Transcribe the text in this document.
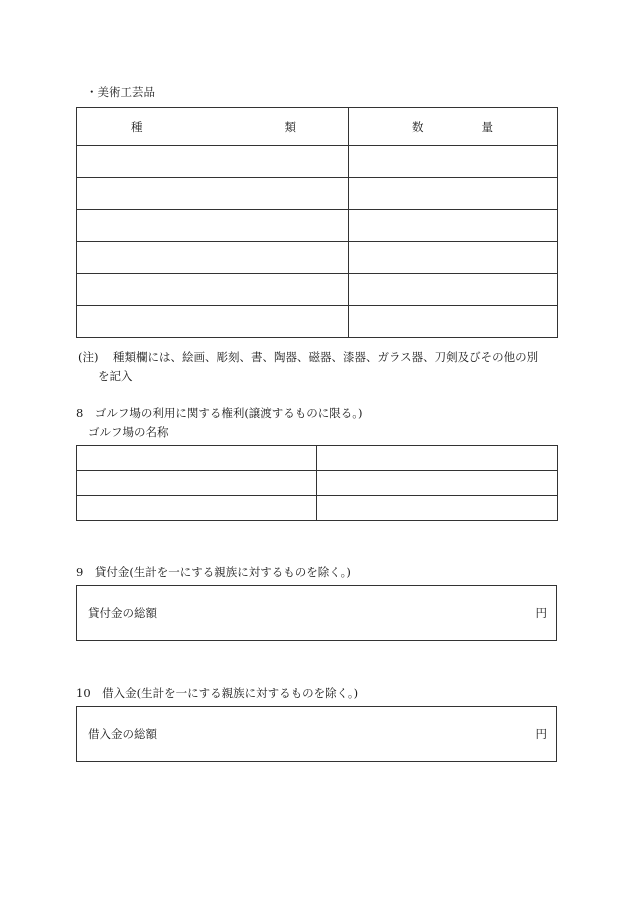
・美術工芸品
種 類	数 量

(注) 種類欄には、絵画、彫刻、書、陶器、磁器、漆器、ガラス器、刀剣及びその他の別
を記入
8　ゴルフ場の利用に関する権利(譲渡するものに限る。)
ゴルフ場の名称

9　貸付金(生計を一にする親族に対するものを除く。)
貸付金の総額	円
10　借入金(生計を一にする親族に対するものを除く。)
借入金の総額	円
